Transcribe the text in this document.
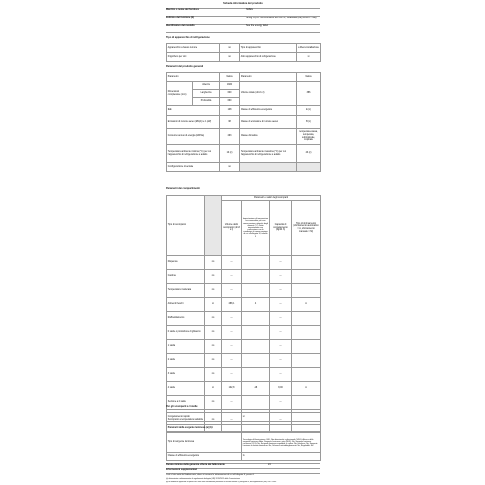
Scheda informativa del prodotto
Marchio o nome del fornitore	SMEG
Indirizzo del fornitore (b)	Smeg S.p.A. Via Leonardo da Vinci 4, Guastalla (RE) 42016 – Italy
Identificativo del modello	See the energy label
Tipo di apparecchio di refrigerazione
Apparecchio a basso rumore	no	Tipo di apparecchio	a libera installazione
Frigorifero per vini	no	Altro apparecchio di refrigerazione	sì
Parametri del prodotto generali
Parametro		Valore	Parametro	Valore
Dimensioni complessive (mm)	Altezza	1820	Volume totale (dm3 o l)	386
	Larghezza	600		
	Profondità	660		
IEE		108	Classe di efficienza energetica	E (c)
Emissioni di rumore aereo (dB(A) re 1 pW)		38	Classe di emissione di rumore aereo	B (c)
Consumo annuo di energia (kWh/a)		293	Classe climatica	temperata estesa, temperata, subtropicale, tropicale
Temperatura ambiente minima (°C) per cui l'apparecchio di refrigerazione è adatto		10 (c)	Temperatura ambiente massima (°C) per cui l'apparecchio di refrigerazione è adatto	43 (c)
Configurazione invernale		no		
Parametri dei compartimenti
Tipo di scomparto		Parametri e valori degli scomparti			
		Volume dello scomparto (dm3 o l)	Impostazione di temperatura raccomandata per una conservazione ottimale degli alimenti (°C) Dette impostazioni non contrastano con le condizioni di conservazione di cui all'allegato IV, tabella 3	Capacità di congelamento (kg/24 h)	Tipo di sbrinamento (sbrinamento automatico = A, sbrinamento manuale = M)
Dispensa	no	—		—	
Cantina	no	—		—	
Temperatura moderata	no	—		—	
Alimenti freschi	sì	288,1	4	—	A
Raffreddamento	no	—		—	
0 stelle o produzione di ghiaccio	no	—		—	
1 stella	no	—		—	
2 stelle	no	—		—	
3 stelle	no	—		—	
4 stelle	sì	102,8	-18	8,00	A
Sezione a 2 stelle	no	—		—	
Scomparto a temperatura variabile	no	—		—	
Per gli scomparti a 4 stelle
Congelamento rapido	sì
Parametri della sorgente luminosa (a) (b):	
Tipo di sorgente luminosa	Tecnologia di illuminazione: LED, Non direzionale o direzionale: NDLS, Attacco della sorgente luminosa: Altro, Sorgente luminosa a rete (MLS): No, Sorgente luminosa connessa (CLS): No, Sorgente luminosa regolabile in colore: No, Involucro: No, Sorgente luminosa a elevata luminanza: No, Schermo anti-abbagliamento: No, Regolabile: No
Classe di efficienza energetica	G
Durata minima della garanzia offerta dal fabbricante	24
Informazioni supplementari
Link al sito web del fabbricante, dove si trovano le informazioni di cui all'allegato II, punto 4:
(a) determinato conformemente al regolamento delegato (UE) 2019/2015 della Commissione
(b) le modifiche apportate a queste voci non sono considerate pertinenti ai fini dell'articolo 4, paragrafo 4, del regolamento (UE) 2017/1369.
